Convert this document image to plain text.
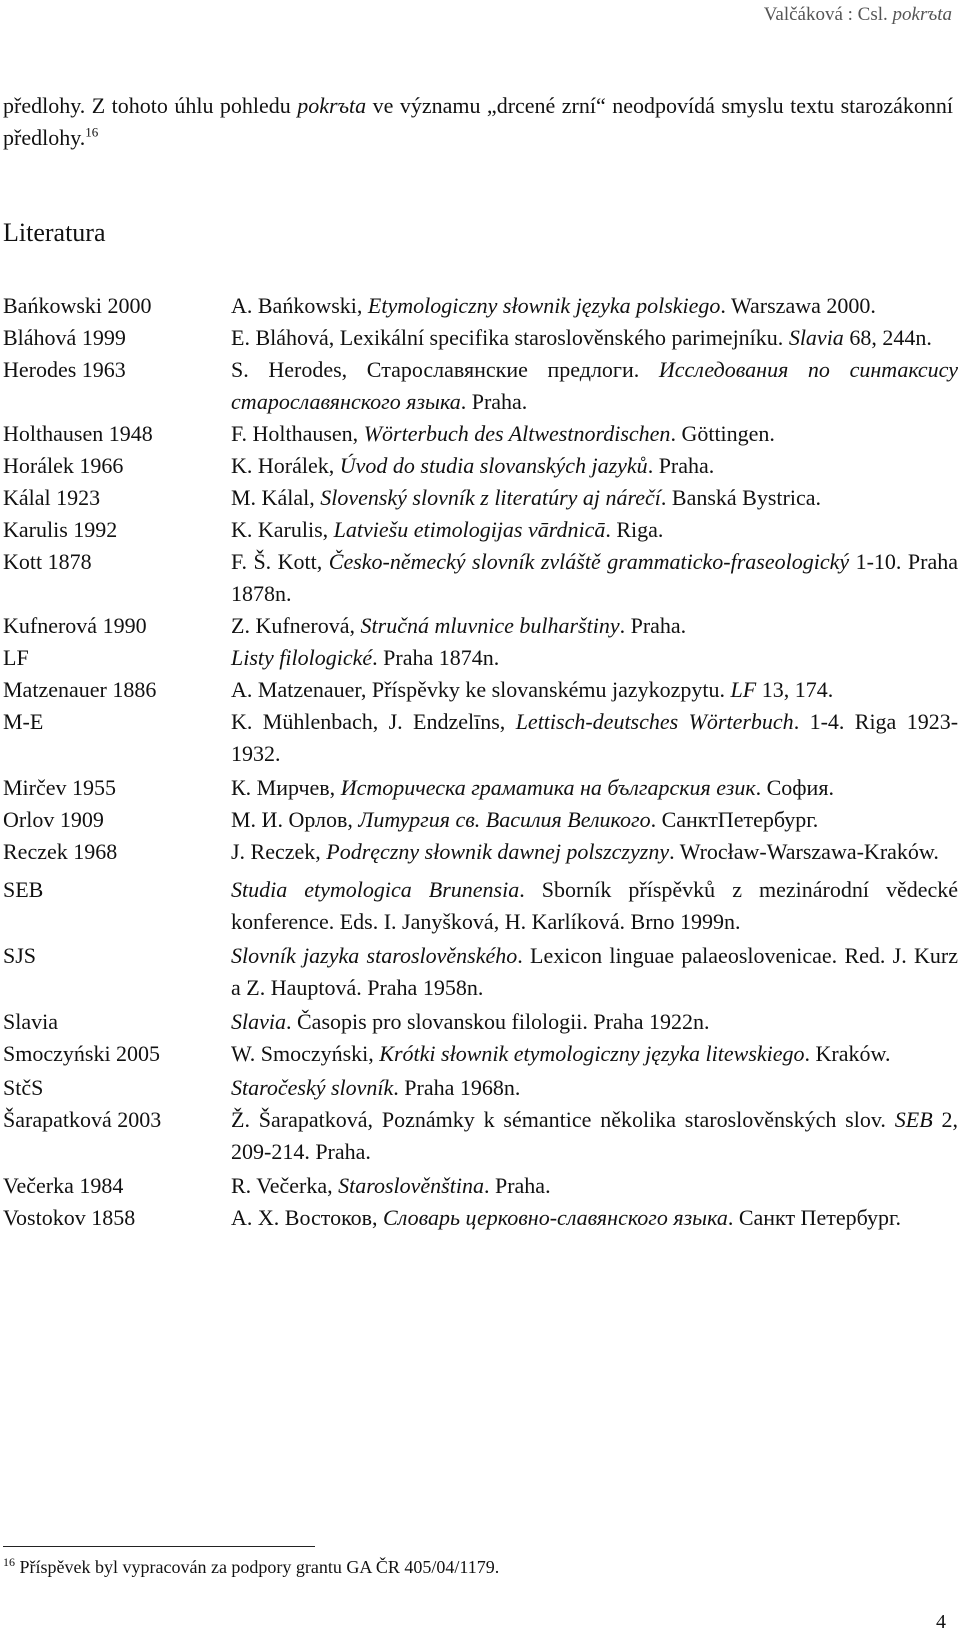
Valčáková : Csl. pokrъta
předlohy. Z tohoto úhlu pohledu pokrъta ve významu „drcené zrní“ neodpovídá smyslu textu starozákonní předlohy.$^{16}$
Literatura
Bańkowski 2000	A. Bańkowski, Etymologiczny słownik języka polskiego. Warszawa 2000.
Bláhová 1999	E. Bláhová, Lexikální specifika staroslověnského parimejníku. Slavia 68, 244n.
Herodes 1963	S. Herodes, Старославянские предлоги. Исследования по синтаксису старославянского языка. Praha.
Holthausen 1948	F. Holthausen, Wörterbuch des Altwestnordischen. Göttingen.
Horálek 1966	K. Horálek, Úvod do studia slovanských jazyků. Praha.
Kálal 1923	M. Kálal, Slovenský slovník z literatúry aj nárečí. Banská Bystrica.
Karulis 1992	K. Karulis, Latviešu etimologijas vārdnicā. Riga.
Kott 1878	F. Š. Kott, Česko-německý slovník zvláště grammaticko-fraseologický 1-10. Praha 1878n.
Kufnerová 1990	Z. Kufnerová, Stručná mluvnice bulharštiny. Praha.
LF	Listy filologické. Praha 1874n.
Matzenauer 1886	A. Matzenauer, Příspěvky ke slovanskému jazykozpytu. LF 13, 174.
M-E	K. Mühlenbach, J. Endzelīns, Lettisch-deutsches Wörterbuch. 1-4. Riga 1923-1932.
Mirčev 1955	К. Мирчев, Историческа граматика на българския език. София.
Orlov 1909	М. И. Орлов, Литургия св. Василия Великого. СанктПетербург.
Reczek 1968	J. Reczek, Podręczny słownik dawnej polszczyzny. Wrocław-Warszawa-Kraków.
SEB	Studia etymologica Brunensia. Sborník příspěvků z mezinárodní vědecké konference. Eds. I. Janyšková, H. Karlíková. Brno 1999n.
SJS	Slovník jazyka staroslověnského. Lexicon linguae palaeoslovenicae. Red. J. Kurz a Z. Hauptová. Praha 1958n.
Slavia	Slavia. Časopis pro slovanskou filologii. Praha 1922n.
Smoczyński 2005	W. Smoczyński, Krótki słownik etymologiczny języka litewskiego. Kraków.
StčS	Staročeský slovník. Praha 1968n.
Šarapatková 2003	Ž. Šarapatková, Poznámky k sémantice několika staroslověnských slov. SEB 2, 209-214. Praha.
Večerka 1984	R. Večerka, Staroslověnština. Praha.
Vostokov 1858	А. Х. Востоков, Словарь церковно-славянского языка. Санкт Петербург.
$^{16}$ Příspěvek byl vypracován za podpory grantu GA ČR 405/04/1179.
4
